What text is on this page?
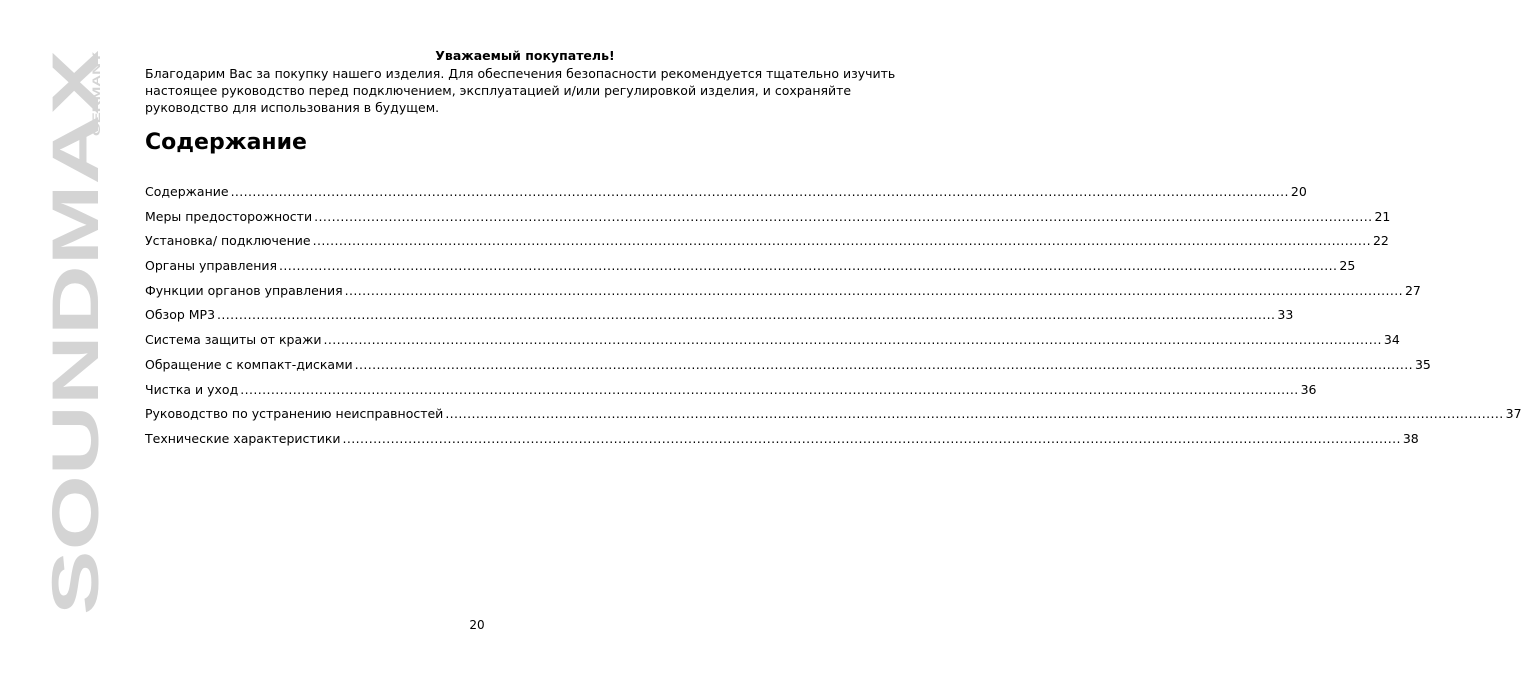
SOUNDMAX
GERMANY
Уважаемый покупатель!

Благодарим Вас за покупку нашего изделия. Для обеспечения безопасности рекомендуется тщательно изучить настоящее руководство перед подключением, эксплуатацией и/или регулировкой изделия, и сохраняйте руководство для использования в будущем.

Содержание
Содержание .....	20
Меры предосторожности .....	21
Установка/ подключение .....	22
Органы управления .....	25
Функции органов управления .....	27
Обзор MP3 .....	33
Система защиты от кражи .....	34
Обращение с компакт-дисками .....	35
Чистка и уход .....	36
Руководство по устранению неисправностей .....	37
Технические характеристики .....	38
20
